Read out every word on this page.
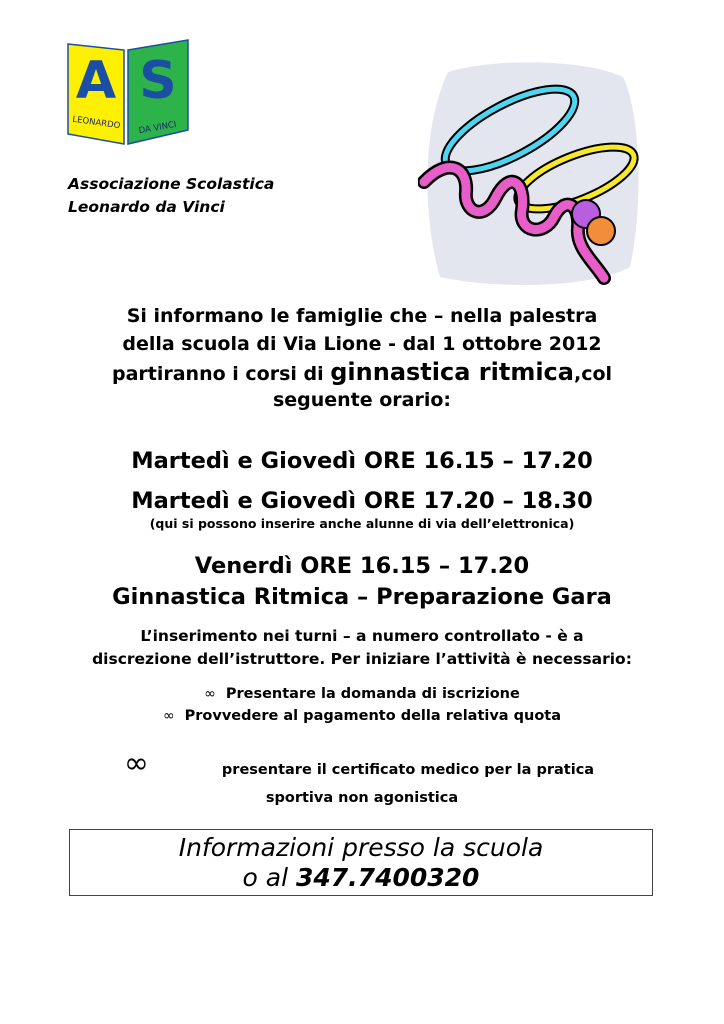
A S
LEONARDO DA VINCI
Associazione Scolastica
Leonardo da Vinci
Si informano le famiglie che – nella palestra
della scuola di Via Lione - dal 1 ottobre 2012
partiranno i corsi di ginnastica ritmica,col
seguente orario:
Martedì e Giovedì ORE 16.15 – 17.20
Martedì e Giovedì ORE 17.20 – 18.30
(qui si possono inserire anche alunne di via dell’elettronica)
Venerdì ORE 16.15 – 17.20
Ginnastica Ritmica – Preparazione Gara
L’inserimento nei turni – a numero controllato - è a
discrezione dell’istruttore. Per iniziare l’attività è necessario:
∞ Presentare la domanda di iscrizione
∞ Provvedere al pagamento della relativa quota
∞	presentare il certificato medico per la pratica
sportiva non agonistica
Informazioni presso la scuola
o al 347.7400320
